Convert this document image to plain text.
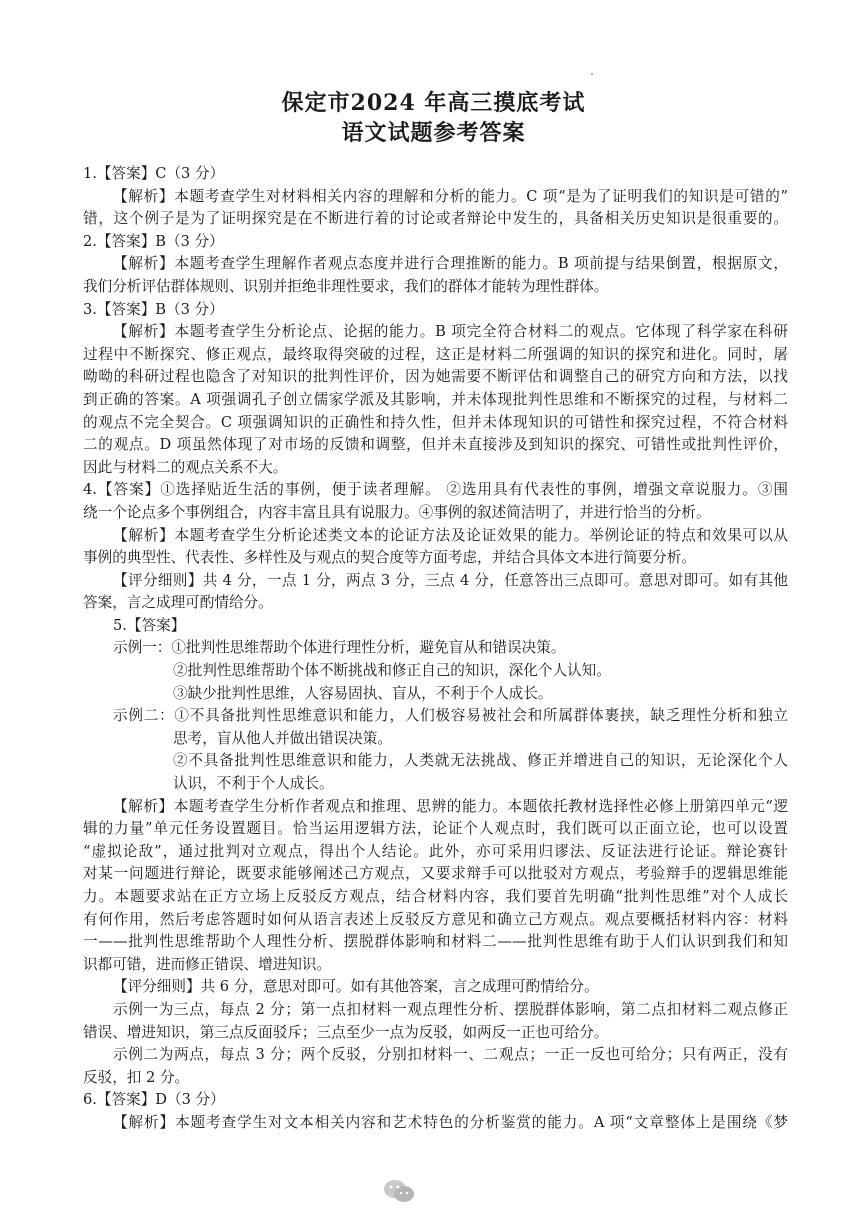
保定市2024 年高三摸底考试
语文试题参考答案
1.【答案】C（3 分）
【解析】本题考查学生对材料相关内容的理解和分析的能力。C 项“是为了证明我们的知识是可错的”
错，这个例子是为了证明探究是在不断进行着的讨论或者辩论中发生的，具备相关历史知识是很重要的。
2.【答案】B（3 分）
【解析】本题考查学生理解作者观点态度并进行合理推断的能力。B 项前提与结果倒置，根据原文，
我们分析评估群体规则、识别并拒绝非理性要求，我们的群体才能转为理性群体。
3.【答案】B（3 分）
【解析】本题考查学生分析论点、论据的能力。B 项完全符合材料二的观点。它体现了科学家在科研
过程中不断探究、修正观点，最终取得突破的过程，这正是材料二所强调的知识的探究和进化。同时，屠
呦呦的科研过程也隐含了对知识的批判性评价，因为她需要不断评估和调整自己的研究方向和方法，以找
到正确的答案。A 项强调孔子创立儒家学派及其影响，并未体现批判性思维和不断探究的过程，与材料二
的观点不完全契合。C 项强调知识的正确性和持久性，但并未体现知识的可错性和探究过程，不符合材料
二的观点。D 项虽然体现了对市场的反馈和调整，但并未直接涉及到知识的探究、可错性或批判性评价，
因此与材料二的观点关系不大。
4.【答案】①选择贴近生活的事例，便于读者理解。 ②选用具有代表性的事例，增强文章说服力。③围
绕一个论点多个事例组合，内容丰富且具有说服力。④事例的叙述简洁明了，并进行恰当的分析。
【解析】本题考查学生分析论述类文本的论证方法及论证效果的能力。举例论证的特点和效果可以从
事例的典型性、代表性、多样性及与观点的契合度等方面考虑，并结合具体文本进行简要分析。
【评分细则】共 4 分，一点 1 分，两点 3 分，三点 4 分，任意答出三点即可。意思对即可。如有其他
答案，言之成理可酌情给分。
5.【答案】
示例一：①批判性思维帮助个体进行理性分析，避免盲从和错误决策。
②批判性思维帮助个体不断挑战和修正自己的知识，深化个人认知。
③缺少批判性思维，人容易固执、盲从，不利于个人成长。
示例二：①不具备批判性思维意识和能力，人们极容易被社会和所属群体裹挟，缺乏理性分析和独立
思考，盲从他人并做出错误决策。
②不具备批判性思维意识和能力，人类就无法挑战、修正并增进自己的知识，无论深化个人
认识，不利于个人成长。
【解析】本题考查学生分析作者观点和推理、思辨的能力。本题依托教材选择性必修上册第四单元“逻
辑的力量”单元任务设置题目。恰当运用逻辑方法，论证个人观点时，我们既可以正面立论，也可以设置
“虚拟论敌”，通过批判对立观点，得出个人结论。此外，亦可采用归谬法、反证法进行论证。辩论赛针
对某一问题进行辩论，既要求能够阐述己方观点，又要求辩手可以批驳对方观点，考验辩手的逻辑思维能
力。本题要求站在正方立场上反驳反方观点，结合材料内容，我们要首先明确“批判性思维”对个人成长
有何作用，然后考虑答题时如何从语言表述上反驳反方意见和确立己方观点。观点要概括材料内容：材料
一——批判性思维帮助个人理性分析、摆脱群体影响和材料二——批判性思维有助于人们认识到我们和知
识都可错，进而修正错误、增进知识。
【评分细则】共 6 分，意思对即可。如有其他答案，言之成理可酌情给分。
示例一为三点，每点 2 分；第一点扣材料一观点理性分析、摆脱群体影响，第二点扣材料二观点修正
错误、增进知识，第三点反面驳斥；三点至少一点为反驳，如两反一正也可给分。
示例二为两点，每点 3 分；两个反驳，分别扣材料一、二观点；一正一反也可给分；只有两正，没有
反驳，扣 2 分。
6.【答案】D（3 分）
【解析】本题考查学生对文本相关内容和艺术特色的分析鉴赏的能力。A 项“文章整体上是围绕《梦
